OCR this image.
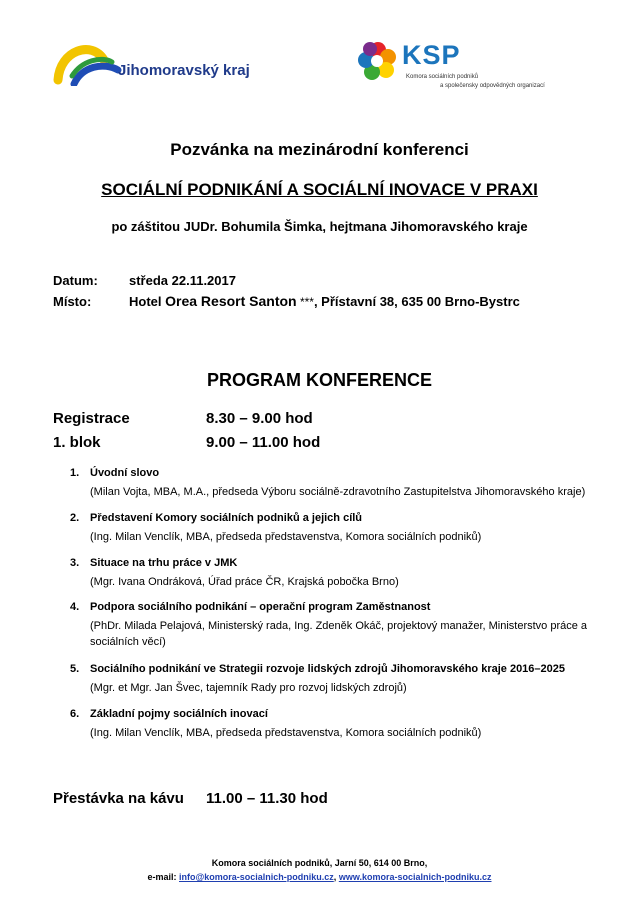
Jihomoravský kraj
KSP
Komora sociálních podniků
a společensky odpovědných organizací
Pozvánka na mezinárodní konferenci
SOCIÁLNÍ PODNIKÁNÍ A SOCIÁLNÍ INOVACE V PRAXI
po záštitou JUDr. Bohumila Šimka, hejtmana Jihomoravského kraje
Datum: středa 22.11.2017
Místo:	Hotel Orea Resort Santon ***, Přístavní 38, 635 00 Brno-Bystrc
PROGRAM KONFERENCE
Registrace	8.30 – 9.00 hod
1. blok	9.00 – 11.00 hod
1. Úvodní slovo
(Milan Vojta, MBA, M.A., předseda Výboru sociálně-zdravotního Zastupitelstva Jihomoravského kraje)
2. Představení Komory sociálních podniků a jejich cílů
(Ing. Milan Venclík, MBA, předseda představenstva, Komora sociálních podniků)
3. Situace na trhu práce v JMK
(Mgr. Ivana Ondráková, Úřad práce ČR, Krajská pobočka Brno)
4. Podpora sociálního podnikání – operační program Zaměstnanost
(PhDr. Milada Pelajová, Ministerský rada, Ing. Zdeněk Okáč, projektový manažer, Ministerstvo práce a
sociálních věcí)
5. Sociálního podnikání ve Strategii rozvoje lidských zdrojů Jihomoravského kraje 2016–2025
(Mgr. et Mgr. Jan Švec, tajemník Rady pro rozvoj lidských zdrojů)
6. Základní pojmy sociálních inovací
(Ing. Milan Venclík, MBA, předseda představenstva, Komora sociálních podniků)
Přestávka na kávu 11.00 – 11.30 hod
Komora sociálních podniků, Jarní 50, 614 00 Brno,
e-mail: info@komora-socialnich-podniku.cz, www.komora-socialnich-podniku.cz
